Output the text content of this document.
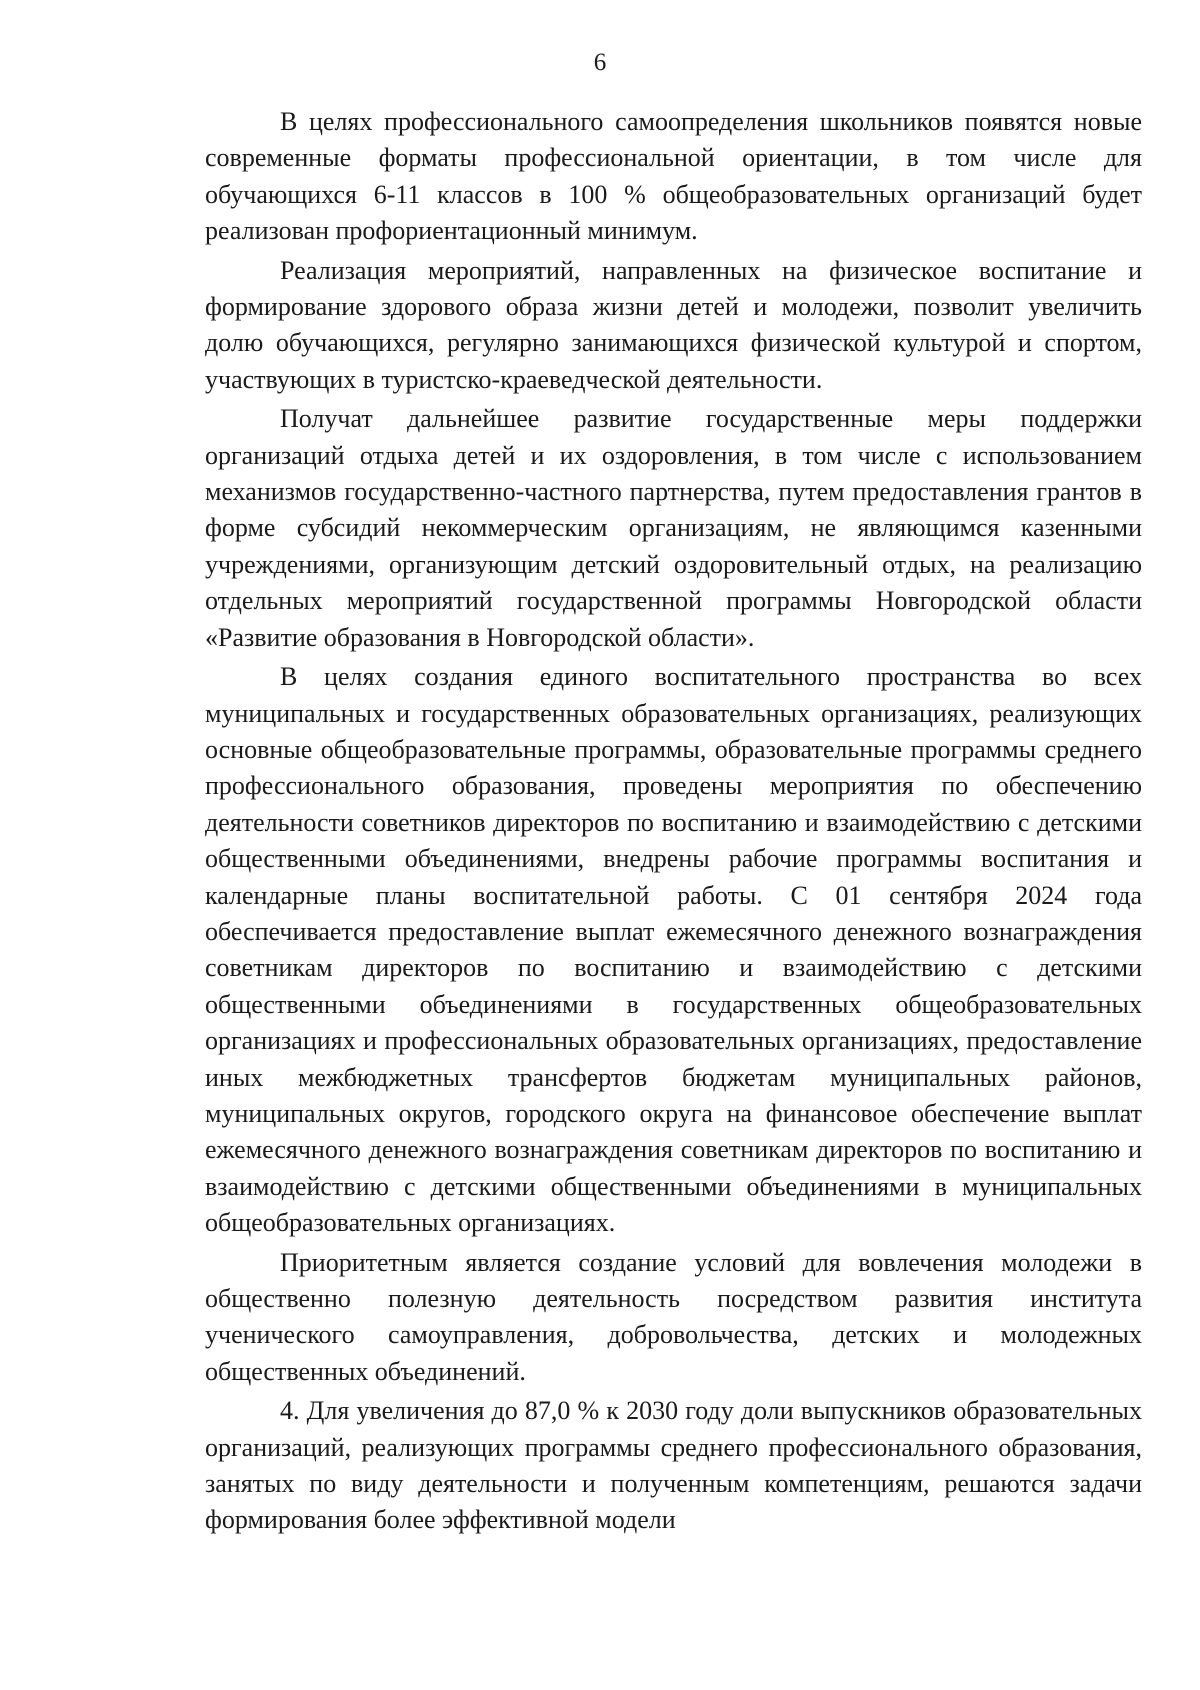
6

В целях профессионального самоопределения школьников появятся новые современные форматы профессиональной ориентации, в том числе для обучающихся 6-11 классов в 100 % общеобразовательных организаций будет реализован профориентационный минимум.

Реализация мероприятий, направленных на физическое воспитание и формирование здорового образа жизни детей и молодежи, позволит увеличить долю обучающихся, регулярно занимающихся физической культурой и спортом, участвующих в туристско-краеведческой деятельности.

Получат дальнейшее развитие государственные меры поддержки организаций отдыха детей и их оздоровления, в том числе с использованием механизмов государственно-частного партнерства, путем предоставления грантов в форме субсидий некоммерческим организациям, не являющимся казенными учреждениями, организующим детский оздоровительный отдых, на реализацию отдельных мероприятий государственной программы Новгородской области «Развитие образования в Новгородской области».

В целях создания единого воспитательного пространства во всех муниципальных и государственных образовательных организациях, реализующих основные общеобразовательные программы, образовательные программы среднего профессионального образования, проведены мероприятия по обеспечению деятельности советников директоров по воспитанию и взаимодействию с детскими общественными объединениями, внедрены рабочие программы воспитания и календарные планы воспитательной работы. С 01 сентября 2024 года обеспечивается предоставление выплат ежемесячного денежного вознаграждения советникам директоров по воспитанию и взаимодействию с детскими общественными объединениями в государственных общеобразовательных организациях и профессиональных образовательных организациях, предоставление иных межбюджетных трансфертов бюджетам муниципальных районов, муниципальных округов, городского округа на финансовое обеспечение выплат ежемесячного денежного вознаграждения советникам директоров по воспитанию и взаимодействию с детскими общественными объединениями в муниципальных общеобразовательных организациях.

Приоритетным является создание условий для вовлечения молодежи в общественно полезную деятельность посредством развития института ученического самоуправления, добровольчества, детских и молодежных общественных объединений.

4. Для увеличения до 87,0 % к 2030 году доли выпускников образовательных организаций, реализующих программы среднего профессионального образования, занятых по виду деятельности и полученным компетенциям, решаются задачи формирования более эффективной модели
